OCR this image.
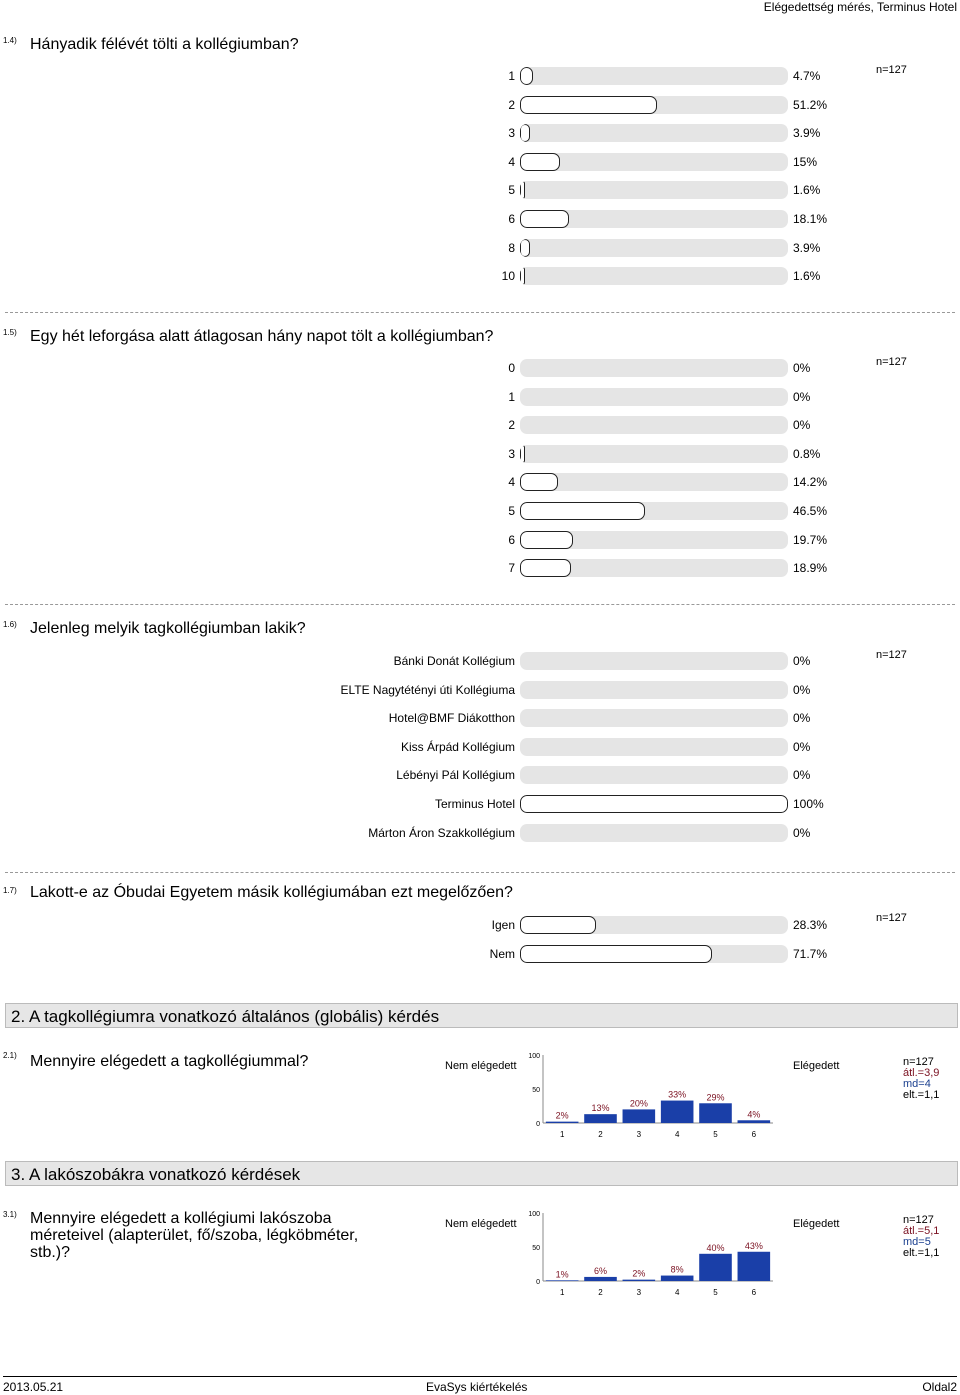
Elégedettség mérés, Terminus Hotel
1.4) Hányadik félévét tölti a kollégiumban?
n=127
1	4.7%
2	51.2%
3	3.9%
4	15%
5	1.6%
6	18.1%
8	3.9%
10	1.6%
1.5) Egy hét leforgása alatt átlagosan hány napot tölt a kollégiumban?
n=127
0	0%
1	0%
2	0%
3	0.8%
4	14.2%
5	46.5%
6	19.7%
7	18.9%
1.6) Jelenleg melyik tagkollégiumban lakik?
n=127
Bánki Donát Kollégium	0%
ELTE Nagytétényi úti Kollégiuma	0%
Hotel@BMF Diákotthon	0%
Kiss Árpád Kollégium	0%
Lébényi Pál Kollégium	0%
Terminus Hotel	100%
Márton Áron Szakkollégium	0%
1.7) Lakott-e az Óbudai Egyetem másik kollégiumában ezt megelőzően?
n=127
Igen	28.3%
Nem	71.7%
2. A tagkollégiumra vonatkozó általános (globális) kérdés
2.1) Mennyire elégedett a tagkollégiummal?	Nem elégedett	Elégedett
0
50
100
2%
1
13%
2
20%
3
33%
4
29%
5
4%
6
n=127
átl.=3,9
md=4
elt.=1,1
3. A lakószobákra vonatkozó kérdések
3.1) Mennyire elégedett a kollégiumi lakószoba
méreteivel (alapterület, fő/szoba, légköbméter,
stb.)?
Nem elégedett	Elégedett
0
50
100
1%
1
6%
2
2%
3
8%
4
40%
5
43%
6
n=127
átl.=5,1
md=5
elt.=1,1
2013.05.21	EvaSys kiértékelés	Oldal2
